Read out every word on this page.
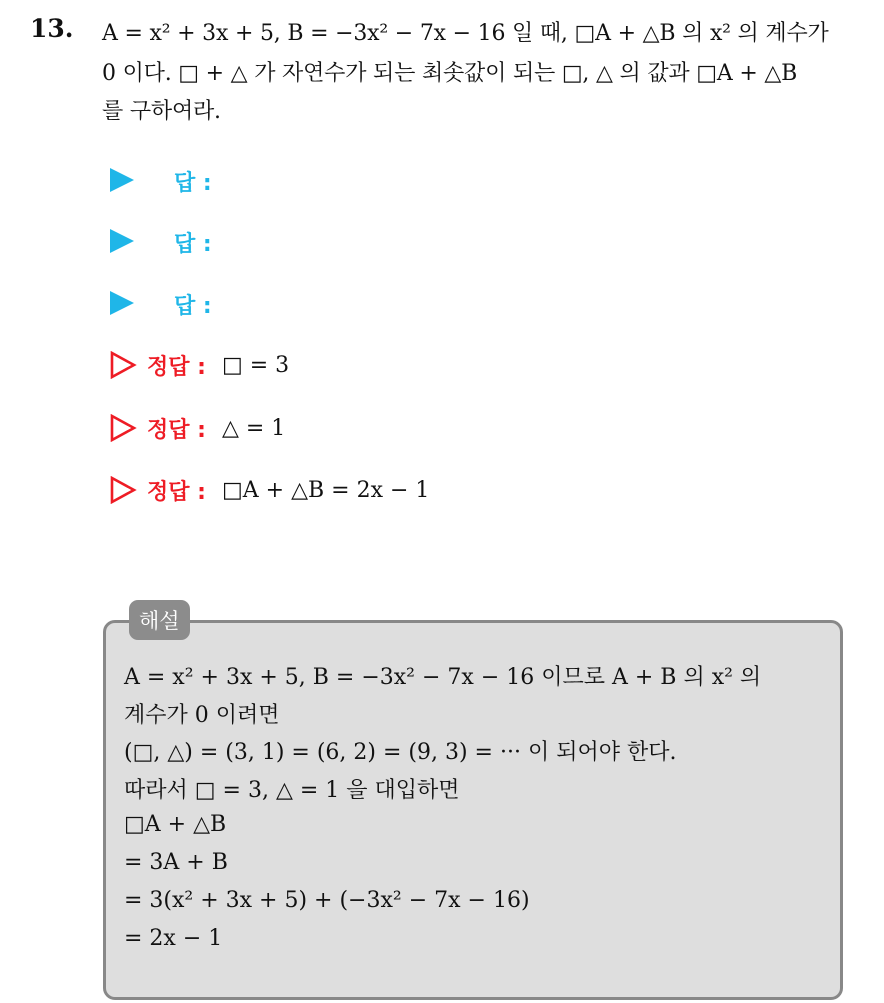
13. A = x² + 3x + 5, B = −3x² − 7x − 16 일 때, □A + △B 의 x² 의 계수가
0 이다. □ + △ 가 자연수가 되는 최솟값이 되는 □, △ 의 값과 □A + △B
를 구하여라.
답 :
답 :
답 :
정답 : □ = 3
정답 : △ = 1
정답 : □A + △B = 2x − 1
해설
A = x² + 3x + 5, B = −3x² − 7x − 16 이므로 A + B 의 x² 의
계수가 0 이려면
(□, △) = (3, 1) = (6, 2) = (9, 3) = ··· 이 되어야 한다.
따라서 □ = 3, △ = 1 을 대입하면
□A + △B
= 3A + B
= 3(x² + 3x + 5) + (−3x² − 7x − 16)
= 2x − 1
